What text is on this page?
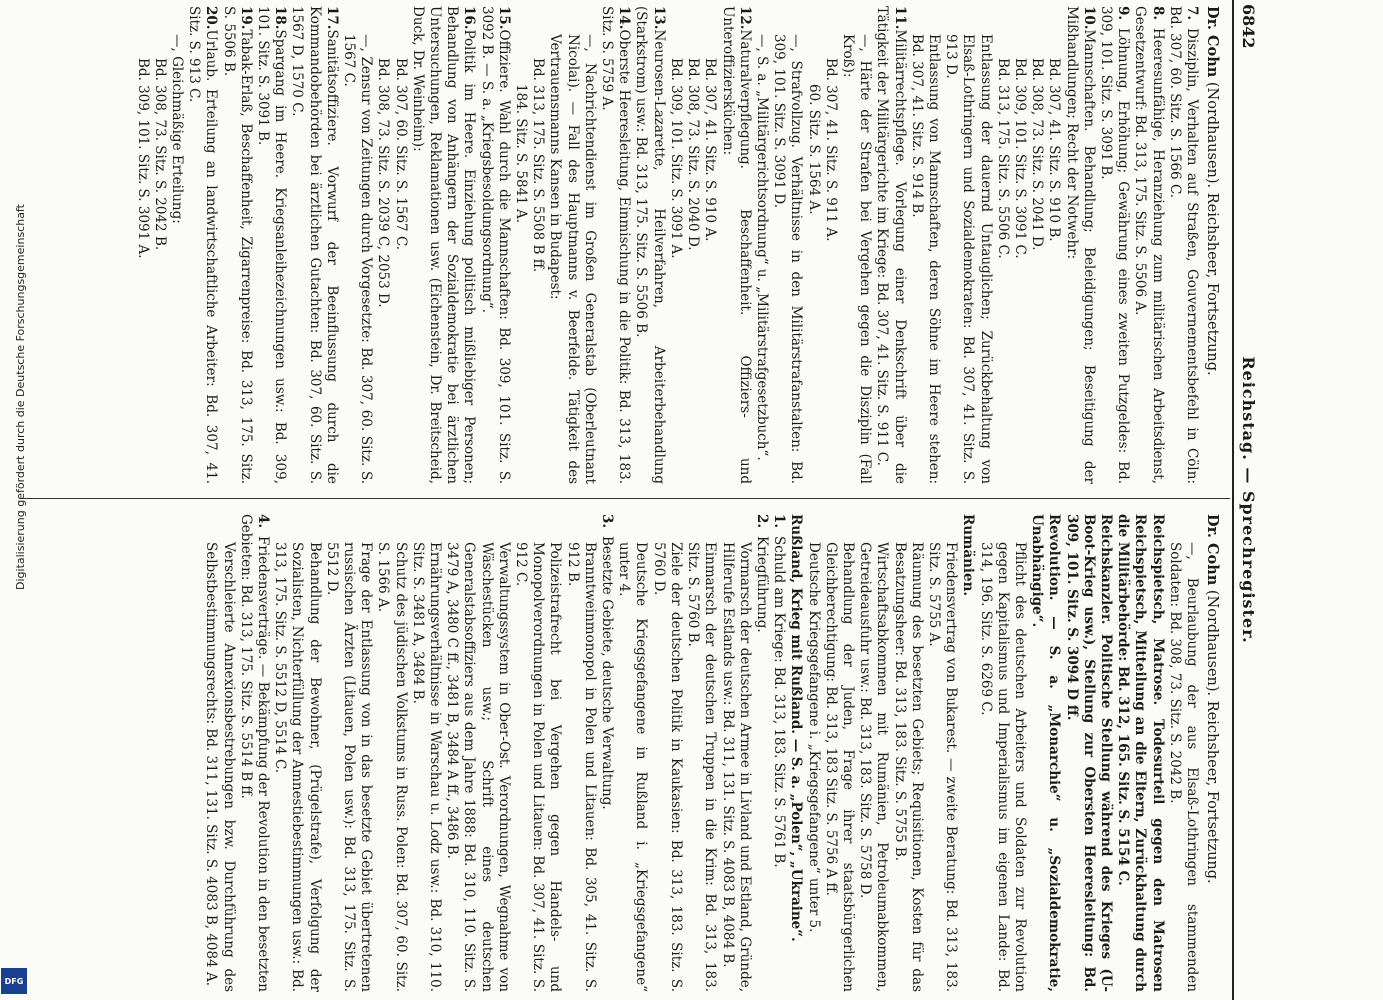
6842
Reichstag. — Sprechregister.

Dr. Cohn (Nordhausen). Reichsheer, Fortsetzung.

7.Disziplin, Verhalten auf Straßen, Gouvernementsbefehl in Cöln: Bd. 307, 60. Sitz. S. 1566 C.

8.Heeresunfähige, Heranziehung zum militärischen Arbeitsdienst, Gesetzentwurf: Bd. 313, 175. Sitz. S. 5506 A.

9.Löhnung, Erhöhung; Gewährung eines zweiten Putzgeldes: Bd. 309, 101. Sitz. S. 3091 B.

10.Mannschaften. Behandlung; Beleidigungen; Beseitigung der Mißhandlungen; Recht der Notwehr:

Bd. 307, 41. Sitz. S. 910 B.

Bd. 308, 73. Sitz. S. 2041 D.

Bd. 309, 101. Sitz. S. 3091 C.

Bd. 313, 175. Sitz. S. 5506 C.

Entlassung der dauernd Untauglichen; Zurückbehaltung von Elsaß-Lothringern und Sozialdemokraten: Bd. 307, 41. Sitz. S. 913 D.

Entlassung von Mannschaften, deren Söhne im Heere stehen: Bd. 307, 41. Sitz. S. 914 B.

11.Militärrechtspflege. Vorlegung einer Denkschrift über die Tätigkeit der Militärgerichte im Kriege: Bd. 307, 41. Sitz. S. 911 C.

—, Härte der Strafen bei Vergehen gegen die Disziplin (Fall Kroß):

Bd. 307, 41. Sitz. S. 911 A.

60. Sitz. S. 1564 A.

—, Strafvollzug. Verhältnisse in den Militärstrafanstalten: Bd. 309, 101. Sitz. S. 3091 D.

—, S. a. „Militärgerichtsordnung“ u. „Militärstrafgesetzbuch“.

12.Naturalverpflegung. Beschaffenheit. Offiziers- und Unteroffiziersküchen:

Bd. 307, 41. Sitz. S. 910 A.

Bd. 308, 73. Sitz. S. 2040 D.

Bd. 309, 101. Sitz. S. 3091 A.

13.Neurosen-Lazarette, Heilverfahren, Arbeiterbehandlung (Starkstrom) usw.: Bd. 313, 175. Sitz. S. 5506 B.

14.Oberste Heeresleitung, Einmischung in die Politik: Bd. 313, 183. Sitz. S. 5759 A.

—, Nachrichtendienst im Großen Generalstab (Oberleutnant Nicolai). — Fall des Hauptmanns v. Beerfelde. Tätigkeit des Vertrauensmanns Kansen in Budapest:

Bd. 313, 175. Sitz. S. 5508 B ff.

184. Sitz. S. 5841 A.

15.Offiziere. Wahl durch die Mannschaften: Bd. 309, 101. Sitz. S. 3092 B. — S. a. „Kriegsbesoldungsordnung“.

16.Politik im Heere. Einziehung politisch mißliebiger Personen; Behandlung von Anhängern der Sozialdemokratie bei ärztlichen Untersuchungen, Reklamationen usw. (Eichenstein, Dr. Breitscheid, Duck, Dr. Weinheim):

Bd. 307, 60. Sitz. S. 1567 C.

Bd. 308, 73. Sitz. S. 2039 C, 2053 D.

—, Zensur von Zeitungen durch Vorgesetzte: Bd. 307, 60. Sitz. S. 1567 C.

17.Sanitätsoffiziere. Vorwurf der Beeinflussung durch die Kommandobehörden bei ärztlichen Gutachten: Bd. 307, 60. Sitz. S. 1567 D, 1570 C.

18.Spargang im Heere. Kriegsanleihezeichnungen usw.: Bd. 309, 101. Sitz. S. 3091 B.

19.Tabak-Erlaß, Beschaffenheit, Zigarrenpreise: Bd. 313, 175. Sitz. S. 5506 B.

20.Urlaub. Erteilung an landwirtschaftliche Arbeiter: Bd. 307, 41. Sitz. S. 913 C.

—, Gleichmäßige Erteilung:

Bd. 308, 73. Sitz. S. 2042 B.

Bd. 309, 101. Sitz. S. 3091 A.

Dr. Cohn (Nordhausen). Reichsheer, Fortsetzung.

—, Beurlaubung der aus Elsaß-Lothringen stammenden Soldaten: Bd. 308, 73. Sitz. S. 2042 B.

Reichspietsch, Matrose. Todesurteil gegen den Matrosen Reichspietsch, Mitteilung an die Eltern, Zurückhaltung durch die Militärbehörde: Bd. 312, 165. Sitz. S. 5154 C.

Reichskanzler. Politische Stellung während des Krieges (U-Boot-Krieg usw.), Stellung zur Obersten Heeresleitung: Bd. 309, 101. Sitz. S. 3094 D ff.

Revolution. — S. a. „Monarchie“ u. „Sozialdemokratie, Unabhängige“.

Pflicht des deutschen Arbeiters und Soldaten zur Revolution gegen Kapitalismus und Imperialismus im eigenen Lande: Bd. 314, 196. Sitz. S. 6269 C.

Rumänien.

Friedensvertrag von Bukarest. — zweite Beratung: Bd. 313, 183. Sitz. S. 5755 A.

Räumung des besetzten Gebiets; Requisitionen, Kosten für das Besatzungsheer: Bd. 313, 183. Sitz. S. 5755 B.

Wirtschaftsabkommen mit Rumänien, Petroleumabkommen, Getreideausfuhr usw.: Bd. 313, 183. Sitz. S. 5758 D.

Behandlung der Juden, Frage ihrer staatsbürgerlichen Gleichberechtigung: Bd. 313, 183 Sitz. S. 5756 A ff.

Deutsche Kriegsgefangene i. „Kriegsgefangene“ unter 5.

Rußland, Krieg mit Rußland. — S. a. „Polen“, „Ukraine“.

1.Schuld am Kriege: Bd. 313, 183. Sitz. S. 5761 B.

2.Kriegführung.

Vormarsch der deutschen Armee in Livland und Estland, Gründe, Hilferufe Estlands usw.: Bd. 311, 131. Sitz. S. 4083 B, 4084 B.

Einmarsch der deutschen Truppen in die Krim: Bd. 313, 183. Sitz. S. 5760 B.

Ziele der deutschen Politik in Kaukasien: Bd. 313, 183. Sitz. S. 5760 D.

Deutsche Kriegsgefangene in Rußland i. „Kriegsgefangene“ unter 4.

3.Besetzte Gebiete, deutsche Verwaltung.

Branntweinmonopol in Polen und Litauen: Bd. 305, 41. Sitz. S. 912 B.

Polizeistrafrecht bei Vergehen gegen Handels- und Monopolverordnungen in Polen und Litauen: Bd. 307, 41. Sitz. S. 912 C.

Verwaltungssystem in Ober-Ost. Verordnungen, Wegnahme von Wäschestücken usw.; Schrift eines deutschen Generalstabsoffiziers aus dem Jahre 1888: Bd. 310, 110. Sitz. S. 3479 A, 3480 C ff., 3481 B, 3484 A ff., 3486 B.

Ernährungsverhältnisse in Warschau u. Lodz usw.: Bd. 310, 110. Sitz. S. 3481 A, 3484 B.

Schutz des jüdischen Volkstums in Russ. Polen: Bd. 307, 60. Sitz. S. 1566 A.

Frage der Entlassung von in das besetzte Gebiet übertretenen russischen Ärzten (Litauen, Polen usw.): Bd. 313, 175. Sitz. S. 5512 D.

Behandlung der Bewohner, (Prügelstrafe), Verfolgung der Sozialisten, Nichterfüllung der Amnestiebestimmungen usw.: Bd. 313, 175. Sitz. S. 5512 D, 5514 C.

4.Friedensverträge. — Bekämpfung der Revolution in den besetzten Gebieten: Bd. 313, 175. Sitz. S. 5514 B ff.

Verschleierte Annexionsbestrebungen bzw. Durchführung des Selbstbestimmungsrechts: Bd. 311, 131. Sitz. S. 4083 B, 4084 A.

Digitalisierung gefördert durch die Deutsche Forschungsgemeinschaft
DFG
